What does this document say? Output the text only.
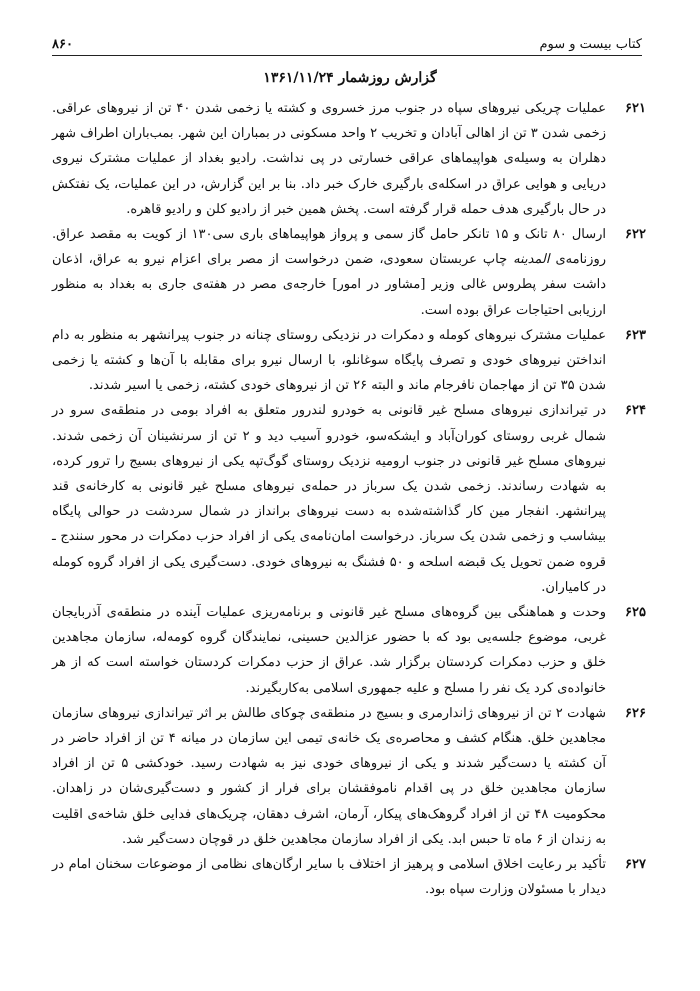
کتاب بیست و سوم
۸۶۰
گزارش روزشمار ۱۳۶۱/۱۱/۲۴

۶۲۱
عملیات چریکی نیروهای سپاه در جنوب مرز خسروی و کشته یا زخمی شدن ۴۰ تن از نیروهای عراقی. زخمی شدن ۳ تن از اهالی آبادان و تخریب ۲ واحد مسکونی در بمباران این شهر. بمب‌باران اطراف شهر دهلران به وسیله‌ی هواپیماهای عراقی خسارتی در پی نداشت. رادیو بغداد از عملیات مشترک نیروی دریایی و هوایی عراق در اسکله‌ی بارگیری خارک خبر داد. بنا بر این گزارش، در این عملیات، یک نفتکش در حال بارگیری هدف حمله قرار گرفته است. پخش همین خبر از رادیو کلن و رادیو قاهره.

۶۲۲
ارسال ۸۰ تانک و ۱۵ تانکر حامل گاز سمی و پرواز هواپیماهای باری سی۱۳۰ از کویت به مقصد عراق. روزنامه‌ی المدینه چاپ عربستان سعودی، ضمن درخواست از مصر برای اعزام نیرو به عراق، اذعان داشت سفر پطروس غالی وزیر [مشاور در امور] خارجه‌ی مصر در هفته‌ی جاری به بغداد به منظور ارزیابی احتیاجات عراق بوده است.

۶۲۳
عملیات مشترک نیروهای کومله و دمکرات در نزدیکی روستای چنانه در جنوب پیرانشهر به منظور به دام انداختن نیروهای خودی و تصرف پایگاه سوغانلو، با ارسال نیرو برای مقابله با آن‌ها و کشته یا زخمی شدن ۳۵ تن از مهاجمان نافرجام ماند و البته ۲۶ تن از نیروهای خودی کشته، زخمی یا اسیر شدند.

۶۲۴
در تیراندازی نیروهای مسلح غیر قانونی به خودرو لندرور متعلق به افراد بومی در منطقه‌ی سرو در شمال غربی روستای کوران‌آباد و ایشکه‌سو، خودرو آسیب دید و ۲ تن از سرنشینان آن زخمی شدند. نیروهای مسلح غیر قانونی در جنوب ارومیه نزدیک روستای گوگ‌تپه یکی از نیروهای بسیج را ترور کرده، به شهادت رساندند. زخمی شدن یک سرباز در حمله‌ی نیروهای مسلح غیر قانونی به کارخانه‌ی قند پیرانشهر. انفجار مین کار گذاشته‌شده به دست نیروهای برانداز در شمال سردشت در حوالی پایگاه بیشاسب و زخمی شدن یک سرباز. درخواست امان‌نامه‌ی یکی از افراد حزب دمکرات در محور سنندج ـ قروه ضمن تحویل یک قبضه اسلحه و ۵۰ فشنگ به نیروهای خودی. دست‌گیری یکی از افراد گروه کومله در کامیاران.

۶۲۵
وحدت و هماهنگی بین گروه‌های مسلح غیر قانونی و برنامه‌ریزی عملیات آینده در منطقه‌ی آذربایجان غربی، موضوع جلسه‌یی بود که با حضور عزالدین حسینی، نمایندگان گروه کومه‌له، سازمان مجاهدین خلق و حزب دمکرات کردستان برگزار شد. عراق از حزب دمکرات کردستان خواسته است که از هر خانواده‌ی کرد یک نفر را مسلح و علیه جمهوری اسلامی به‌کاربگیرند.

۶۲۶
شهادت ۲ تن از نیروهای ژاندارمری و بسیج در منطقه‌ی چوکای طالش بر اثر تیراندازی نیروهای سازمان مجاهدین خلق. هنگام کشف و محاصره‌ی یک خانه‌ی تیمی این سازمان در میانه ۴ تن از افراد حاضر در آن کشته یا دست‌گیر شدند و یکی از نیروهای خودی نیز به شهادت رسید. خودکشی ۵ تن از افراد سازمان مجاهدین خلق در پی اقدام ناموفقشان برای فرار از کشور و دست‌گیری‌شان در زاهدان. محکومیت ۴۸ تن از افراد گروهک‌های پیکار، آرمان، اشرف دهقان، چریک‌های فدایی خلق شاخه‌ی اقلیت به زندان از ۶ ماه تا حبس ابد. یکی از افراد سازمان مجاهدین خلق در قوچان دست‌گیر شد.

۶۲۷
تأکید بر رعایت اخلاق اسلامی و پرهیز از اختلاف با سایر ارگان‌های نظامی از موضوعات سخنان امام در دیدار با مسئولان وزارت سپاه بود.
